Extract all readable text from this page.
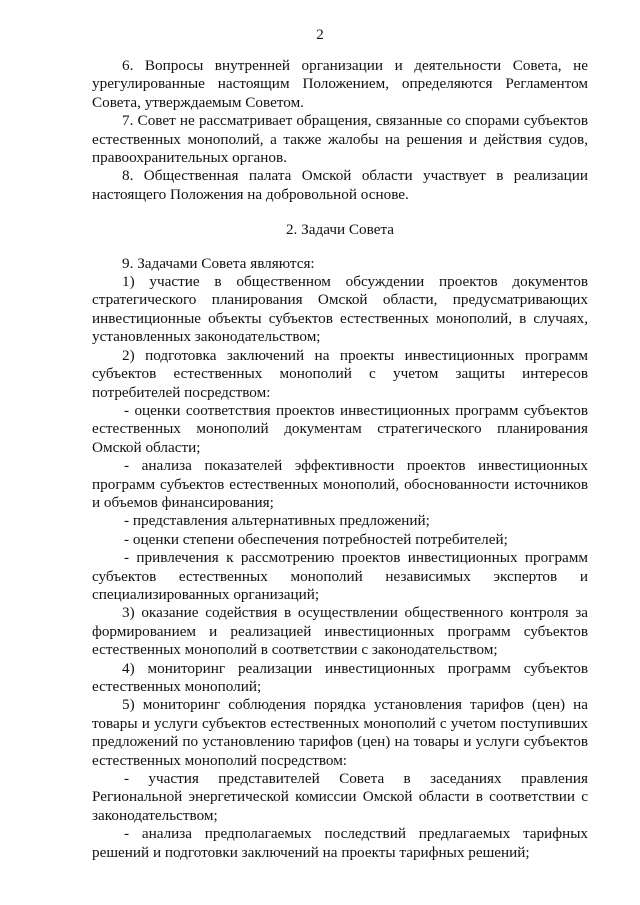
2

6. Вопросы внутренней организации и деятельности Совета, не урегулированные настоящим Положением, определяются Регламентом Совета, утверждаемым Советом.

7. Совет не рассматривает обращения, связанные со спорами субъектов естественных монополий, а также жалобы на решения и действия судов, правоохранительных органов.

8. Общественная палата Омской области участвует в реализации настоящего Положения на добровольной основе.

2. Задачи Совета

9. Задачами Совета являются:

1) участие в общественном обсуждении проектов документов стратегического планирования Омской области, предусматривающих инвестиционные объекты субъектов естественных монополий, в случаях, установленных законодательством;

2) подготовка заключений на проекты инвестиционных программ субъектов естественных монополий с учетом защиты интересов потребителей посредством:

- оценки соответствия проектов инвестиционных программ субъектов естественных монополий документам стратегического планирования Омской области;

- анализа показателей эффективности проектов инвестиционных программ субъектов естественных монополий, обоснованности источников и объемов финансирования;

- представления альтернативных предложений;

- оценки степени обеспечения потребностей потребителей;

- привлечения к рассмотрению проектов инвестиционных программ субъектов естественных монополий независимых экспертов и специализированных организаций;

3) оказание содействия в осуществлении общественного контроля за формированием и реализацией инвестиционных программ субъектов естественных монополий в соответствии с законодательством;

4) мониторинг реализации инвестиционных программ субъектов естественных монополий;

5) мониторинг соблюдения порядка установления тарифов (цен) на товары и услуги субъектов естественных монополий с учетом поступивших предложений по установлению тарифов (цен) на товары и услуги субъектов естественных монополий посредством:

- участия представителей Совета в заседаниях правления Региональной энергетической комиссии Омской области в соответствии с законодательством;

- анализа предполагаемых последствий предлагаемых тарифных решений и подготовки заключений на проекты тарифных решений;
